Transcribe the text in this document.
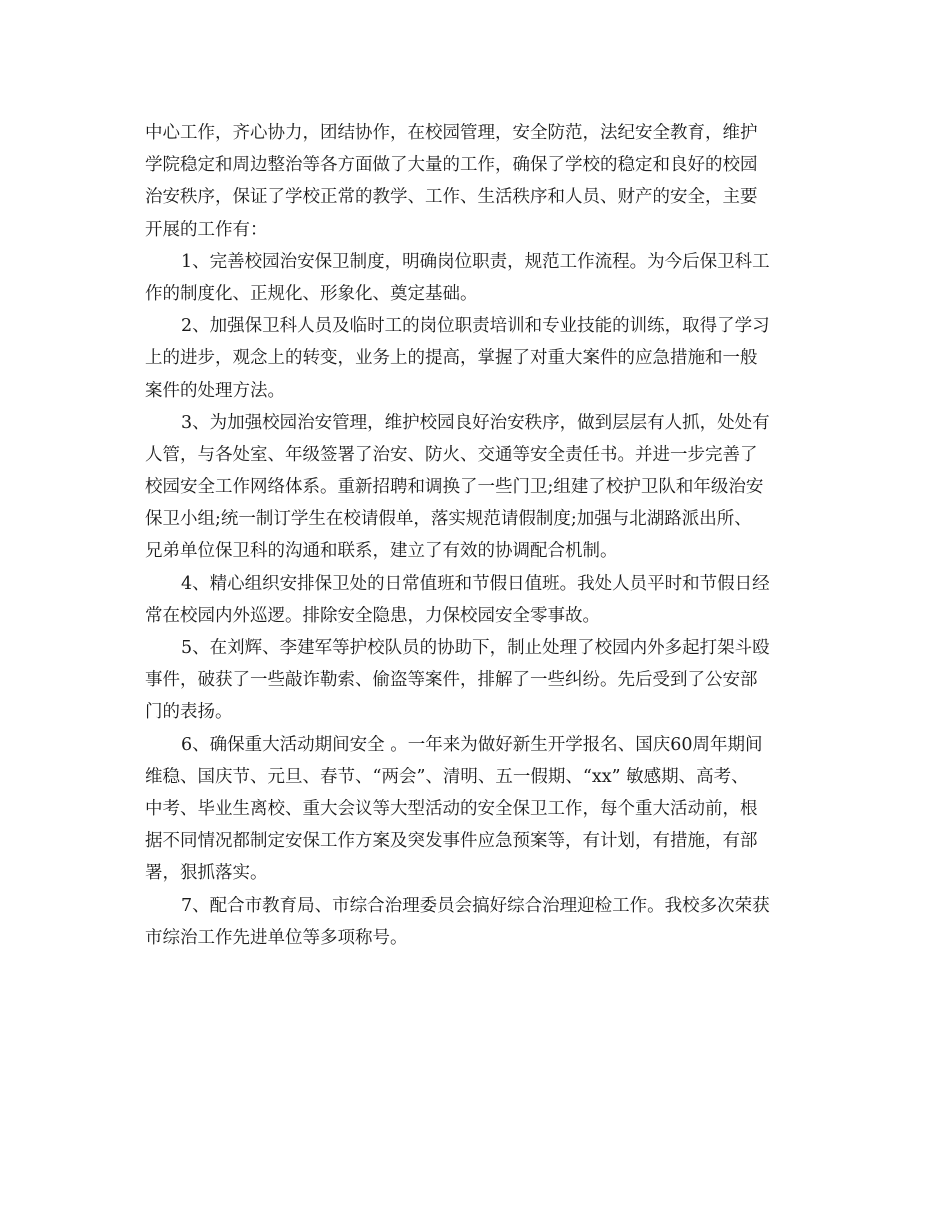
中心工作，齐心协力，团结协作，在校园管理，安全防范，法纪安全教育，维护
学院稳定和周边整治等各方面做了大量的工作，确保了学校的稳定和良好的校园
治安秩序，保证了学校正常的教学、工作、生活秩序和人员、财产的安全，主要
开展的工作有：
1、完善校园治安保卫制度，明确岗位职责，规范工作流程。为今后保卫科工
作的制度化、正规化、形象化、奠定基础。
2、加强保卫科人员及临时工的岗位职责培训和专业技能的训练，取得了学习
上的进步，观念上的转变，业务上的提高，掌握了对重大案件的应急措施和一般
案件的处理方法。
3、为加强校园治安管理，维护校园良好治安秩序，做到层层有人抓，处处有
人管，与各处室、年级签署了治安、防火、交通等安全责任书。并进一步完善了
校园安全工作网络体系。重新招聘和调换了一些门卫;组建了校护卫队和年级治安
保卫小组;统一制订学生在校请假单，落实规范请假制度;加强与北湖路派出所、
兄弟单位保卫科的沟通和联系，建立了有效的协调配合机制。
4、精心组织安排保卫处的日常值班和节假日值班。我处人员平时和节假日经
常在校园内外巡逻。排除安全隐患，力保校园安全零事故。
5、在刘辉、李建军等护校队员的协助下，制止处理了校园内外多起打架斗殴
事件，破获了一些敲诈勒索、偷盗等案件，排解了一些纠纷。先后受到了公安部
门的表扬。
6、确保重大活动期间安全 。一年来为做好新生开学报名、国庆60周年期间
维稳、国庆节、元旦、春节、“两会”、清明、五一假期、“xx” 敏感期、高考、
中考、毕业生离校、重大会议等大型活动的安全保卫工作，每个重大活动前，根
据不同情况都制定安保工作方案及突发事件应急预案等，有计划，有措施，有部
署，狠抓落实。
7、配合市教育局、市综合治理委员会搞好综合治理迎检工作。我校多次荣获
市综治工作先进单位等多项称号。
